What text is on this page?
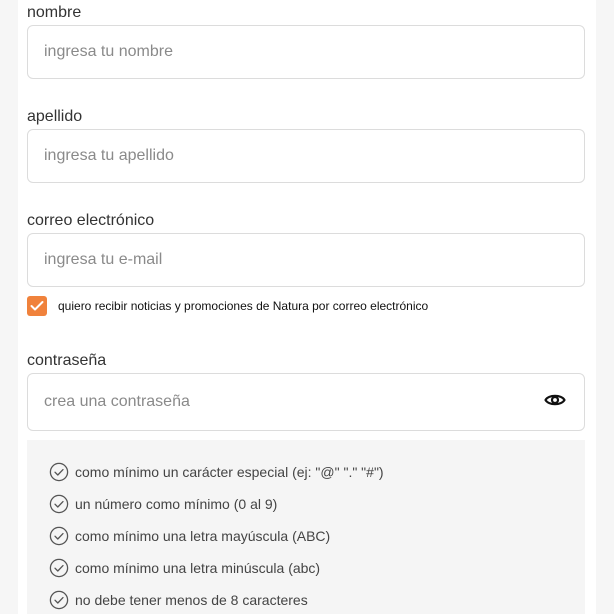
nombre
ingresa tu nombre
apellido
ingresa tu apellido
correo electrónico
ingresa tu e-mail
quiero recibir noticias y promociones de Natura por correo electrónico
contraseña
como mínimo un carácter especial (ej: "@" "." "#")
un número como mínimo (0 al 9)
como mínimo una letra mayúscula (ABC)
como mínimo una letra minúscula (abc)
no debe tener menos de 8 caracteres
